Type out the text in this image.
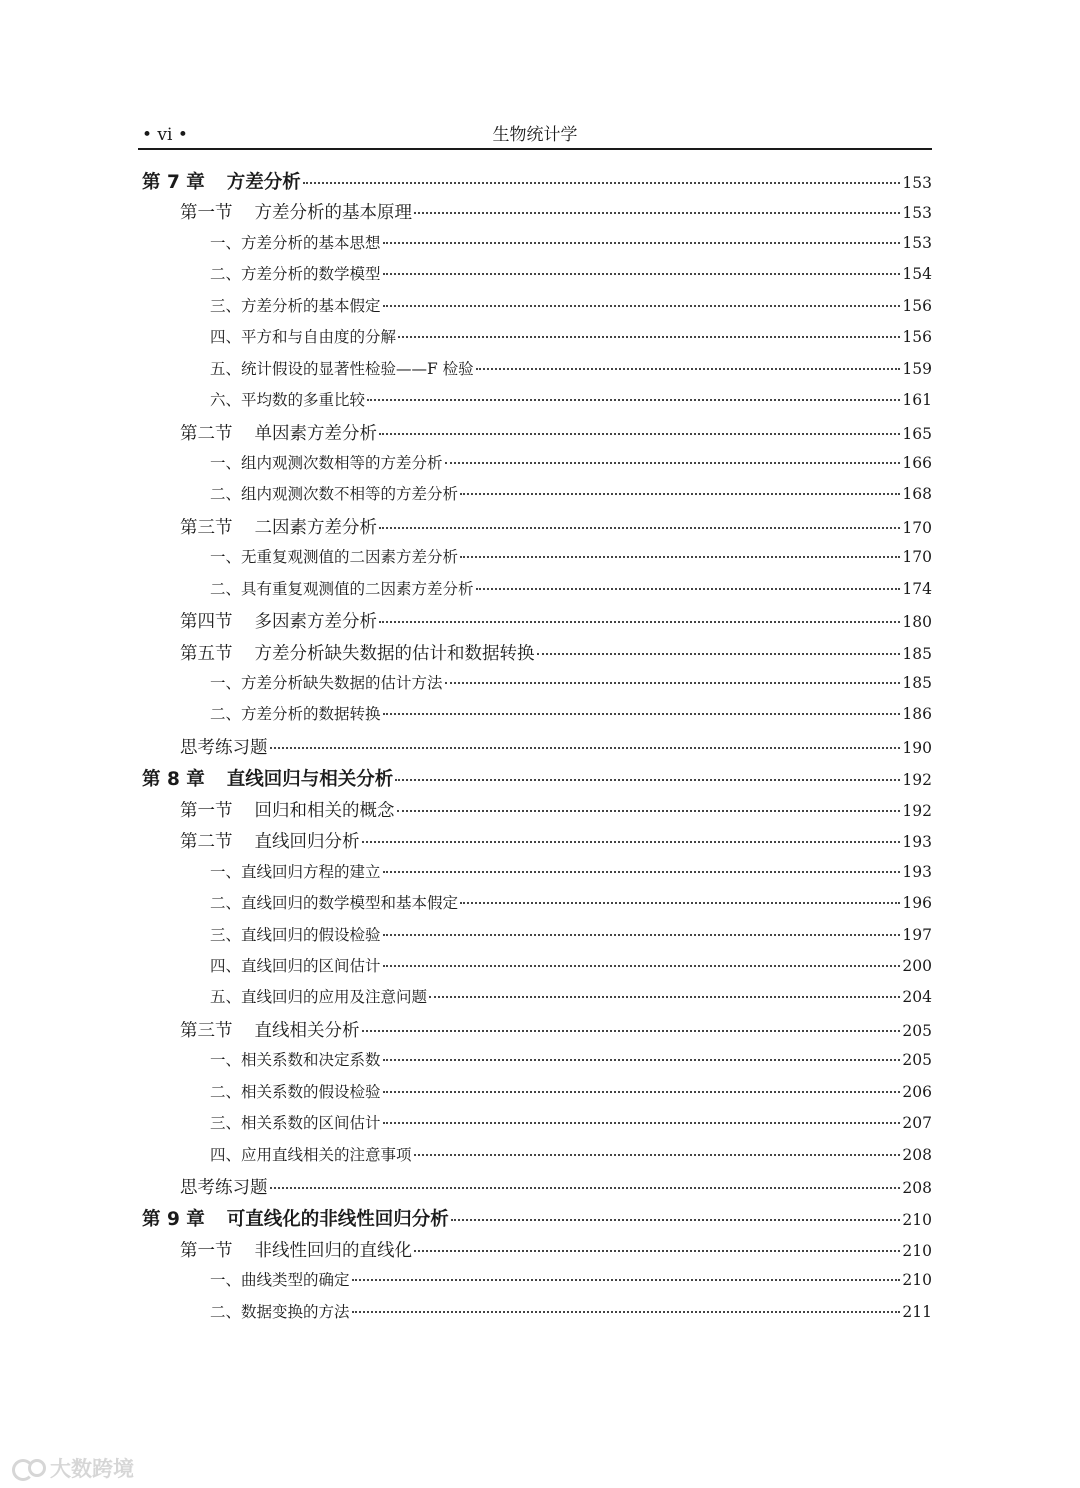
• vi •	生物统计学
第 7 章 方差分析	153
第一节 方差分析的基本原理	153
一、方差分析的基本思想	153
二、方差分析的数学模型	154
三、方差分析的基本假定	156
四、平方和与自由度的分解	156
五、统计假设的显著性检验——F 检验	159
六、平均数的多重比较	161
第二节 单因素方差分析	165
一、组内观测次数相等的方差分析	166
二、组内观测次数不相等的方差分析	168
第三节 二因素方差分析	170
一、无重复观测值的二因素方差分析	170
二、具有重复观测值的二因素方差分析	174
第四节 多因素方差分析	180
第五节 方差分析缺失数据的估计和数据转换	185
一、方差分析缺失数据的估计方法	185
二、方差分析的数据转换	186
思考练习题	190
第 8 章 直线回归与相关分析	192
第一节 回归和相关的概念	192
第二节 直线回归分析	193
一、直线回归方程的建立	193
二、直线回归的数学模型和基本假定	196
三、直线回归的假设检验	197
四、直线回归的区间估计	200
五、直线回归的应用及注意问题	204
第三节 直线相关分析	205
一、相关系数和决定系数	205
二、相关系数的假设检验	206
三、相关系数的区间估计	207
四、应用直线相关的注意事项	208
思考练习题	208
第 9 章 可直线化的非线性回归分析	210
第一节 非线性回归的直线化	210
一、曲线类型的确定	210
二、数据变换的方法	211
大数跨境
